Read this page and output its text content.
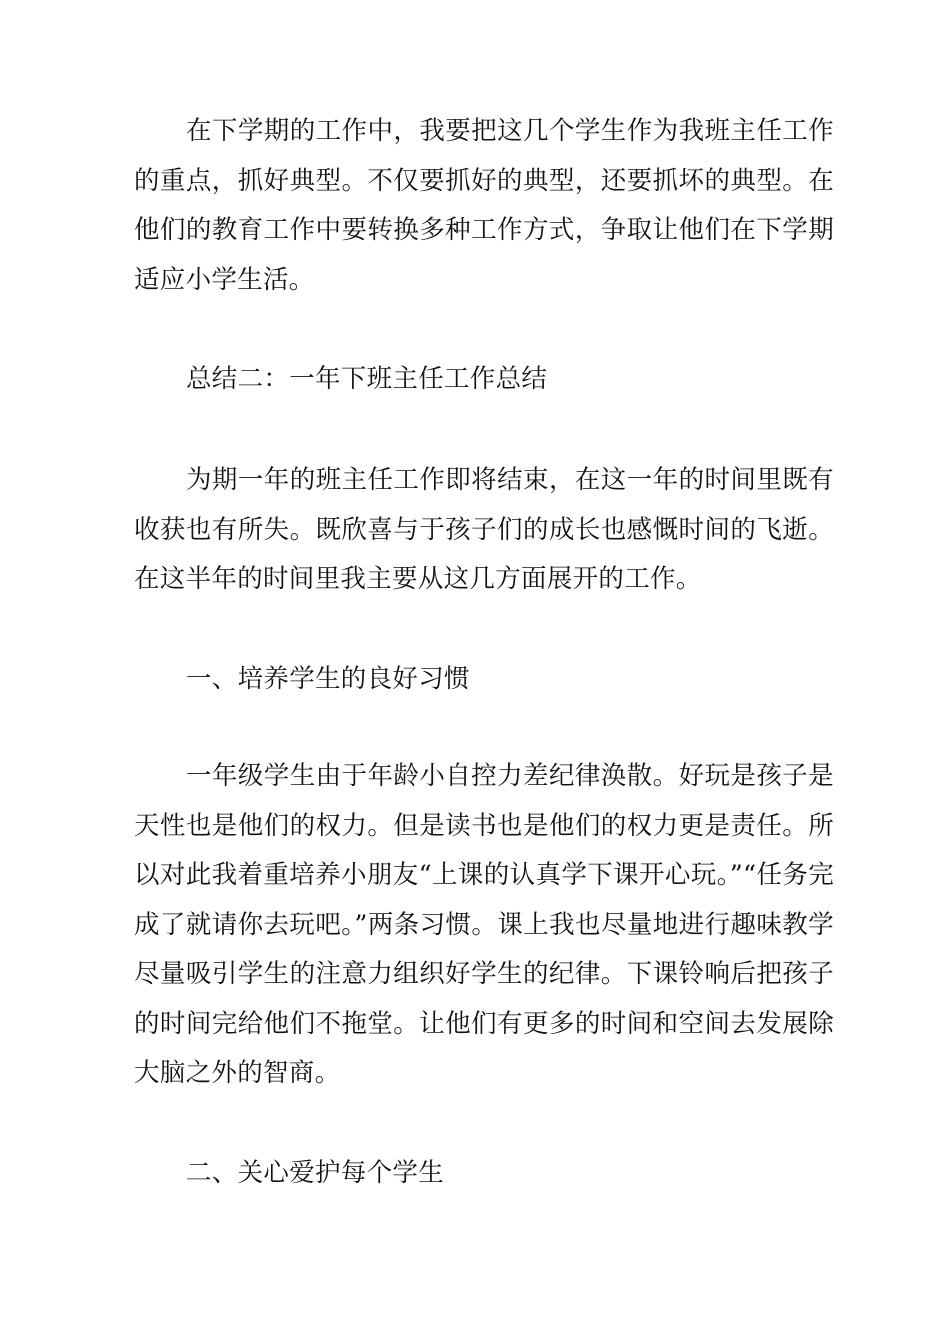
在下学期的工作中，我要把这几个学生作为我班主任工作的重点，抓好典型。不仅要抓好的典型，还要抓坏的典型。在他们的教育工作中要转换多种工作方式，争取让他们在下学期适应小学生活。

总结二：一年下班主任工作总结

为期一年的班主任工作即将结束，在这一年的时间里既有收获也有所失。既欣喜与于孩子们的成长也感慨时间的飞逝。在这半年的时间里我主要从这几方面展开的工作。

一、培养学生的良好习惯

一年级学生由于年龄小自控力差纪律涣散。好玩是孩子是天性也是他们的权力。但是读书也是他们的权力更是责任。所以对此我着重培养小朋友“上课的认真学下课开心玩。”“任务完成了就请你去玩吧。”两条习惯。课上我也尽量地进行趣味教学尽量吸引学生的注意力组织好学生的纪律。下课铃响后把孩子的时间完给他们不拖堂。让他们有更多的时间和空间去发展除大脑之外的智商。

二、关心爱护每个学生
